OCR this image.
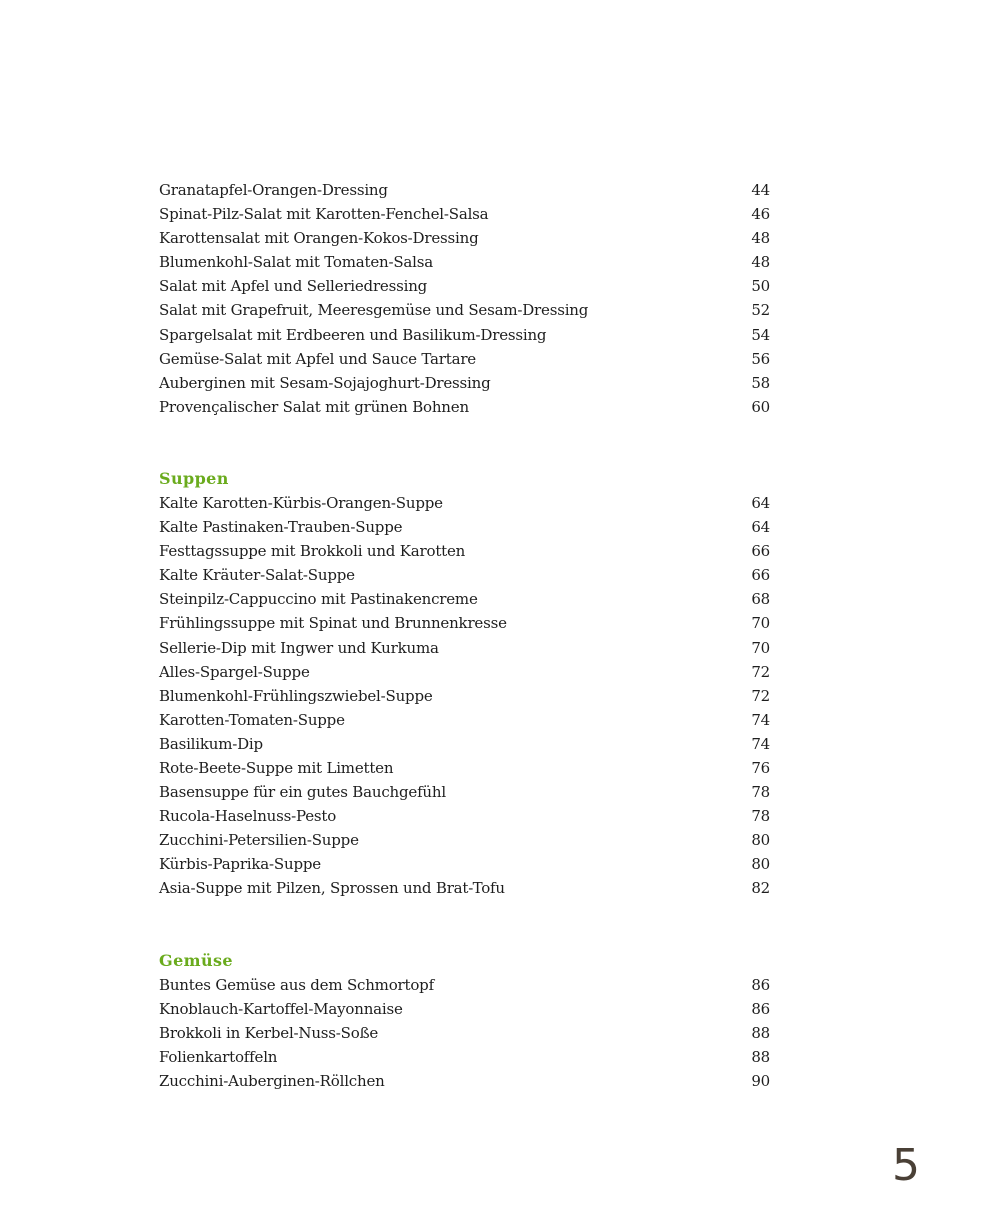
Granatapfel-Orangen-Dressing	44
Spinat-Pilz-Salat mit Karotten-Fenchel-Salsa	46
Karottensalat mit Orangen-Kokos-Dressing	48
Blumenkohl-Salat mit Tomaten-Salsa	48
Salat mit Apfel und Selleriedressing	50
Salat mit Grapefruit, Meeresgemüse und Sesam-Dressing	52
Spargelsalat mit Erdbeeren und Basilikum-Dressing	54
Gemüse-Salat mit Apfel und Sauce Tartare	56
Auberginen mit Sesam-Sojajoghurt-Dressing	58
Provençalischer Salat mit grünen Bohnen	60
Suppen
Kalte Karotten-Kürbis-Orangen-Suppe	64
Kalte Pastinaken-Trauben-Suppe	64
Festtagssuppe mit Brokkoli und Karotten	66
Kalte Kräuter-Salat-Suppe	66
Steinpilz-Cappuccino mit Pastinakencreme	68
Frühlingssuppe mit Spinat und Brunnenkresse	70
Sellerie-Dip mit Ingwer und Kurkuma	70
Alles-Spargel-Suppe	72
Blumenkohl-Frühlingszwiebel-Suppe	72
Karotten-Tomaten-Suppe	74
Basilikum-Dip	74
Rote-Beete-Suppe mit Limetten	76
Basensuppe für ein gutes Bauchgefühl	78
Rucola-Haselnuss-Pesto	78
Zucchini-Petersilien-Suppe	80
Kürbis-Paprika-Suppe	80
Asia-Suppe mit Pilzen, Sprossen und Brat-Tofu	82
Gemüse
Buntes Gemüse aus dem Schmortopf	86
Knoblauch-Kartoffel-Mayonnaise	86
Brokkoli in Kerbel-Nuss-Soße	88
Folienkartoffeln	88
Zucchini-Auberginen-Röllchen	90
5
